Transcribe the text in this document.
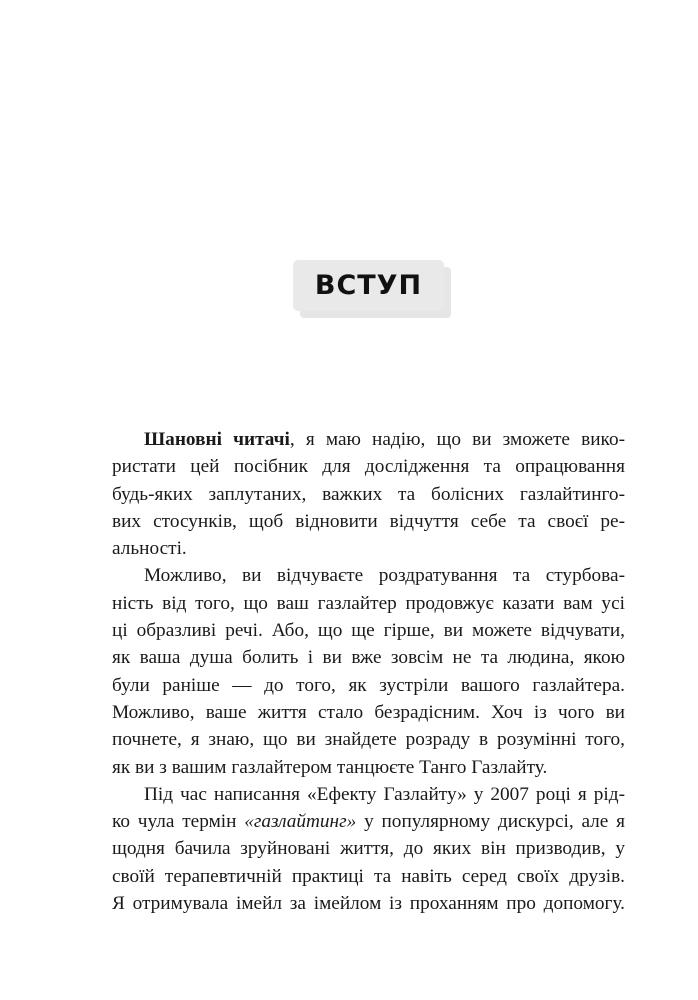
ВСТУП
Шановні читачі, я маю надію, що ви зможете вико-
ристати цей посібник для дослідження та опрацювання
будь-яких заплутаних, важких та болісних газлайтинго-
вих стосунків, щоб відновити відчуття себе та своєї ре-
альності.
Можливо, ви відчуваєте роздратування та стурбова-
ність від того, що ваш газлайтер продовжує казати вам усі
ці образливі речі. Або, що ще гірше, ви можете відчувати,
як ваша душа болить і ви вже зовсім не та людина, якою
були раніше — до того, як зустріли вашого газлайтера.
Можливо, ваше життя стало безрадісним. Хоч із чого ви
почнете, я знаю, що ви знайдете розраду в розумінні того,
як ви з вашим газлайтером танцюєте Танго Газлайту.
Під час написання «Ефекту Газлайту» у 2007 році я рід-
ко чула термін «газлайтинг» у популярному дискурсі, але я
щодня бачила зруйновані життя, до яких він призводив, у
своїй терапевтичній практиці та навіть серед своїх друзів.
Я отримувала імейл за імейлом із проханням про допомогу.
